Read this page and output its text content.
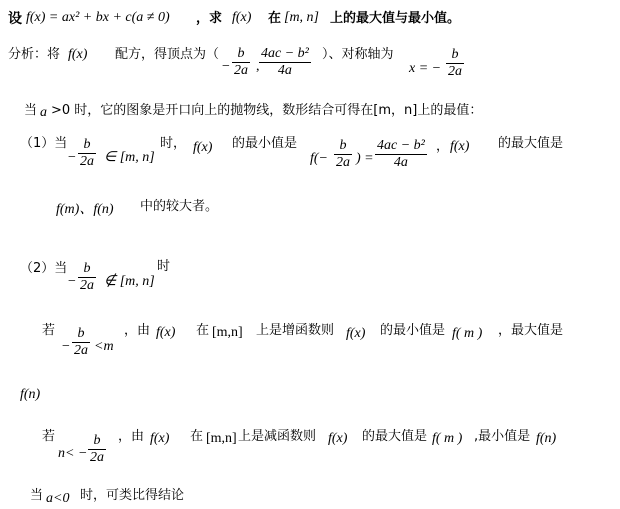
设 f(x) = ax² + bx + c(a ≠ 0) ，求 f(x) 在 [m, n] 上的最大值与最小值。
分析：将 f(x) 配方，得顶点为（
− $\frac{b}{2a}$ , $\frac{\text{4ac − b²}}{4a}$ ）、对称轴为
x = − $\frac{b}{2a}$
当 a >0 时，它的图象是开口向上的抛物线，数形结合可得在[m，n]上的最值：
（1）当
− $\frac{b}{2a}$ ∈ [m, n]
时， f(x) 的最小值是
$f(- \frac{b}{2a}$ ) = $\frac{\text{4ac − b²}}{4a}$ ， f(x) 的最大值是
f(m)、f(n) 中的较大者。
（2）当
− $\frac{b}{2a}$ ∉ [m, n]
时
若
− $\frac{b}{2a} <m$
，由 f(x) 在 [m,n] 上是增函数则 f(x) 的最小值是 f( m ) ，最大值是
f(n)
若
$n< - \frac{b}{2a}$ ，由 f(x) 在 [m,n] 上是减函数则 f(x) 的最大值是 f( m ) ,最小值是 f(n)
当 a<0 时，可类比得结论
